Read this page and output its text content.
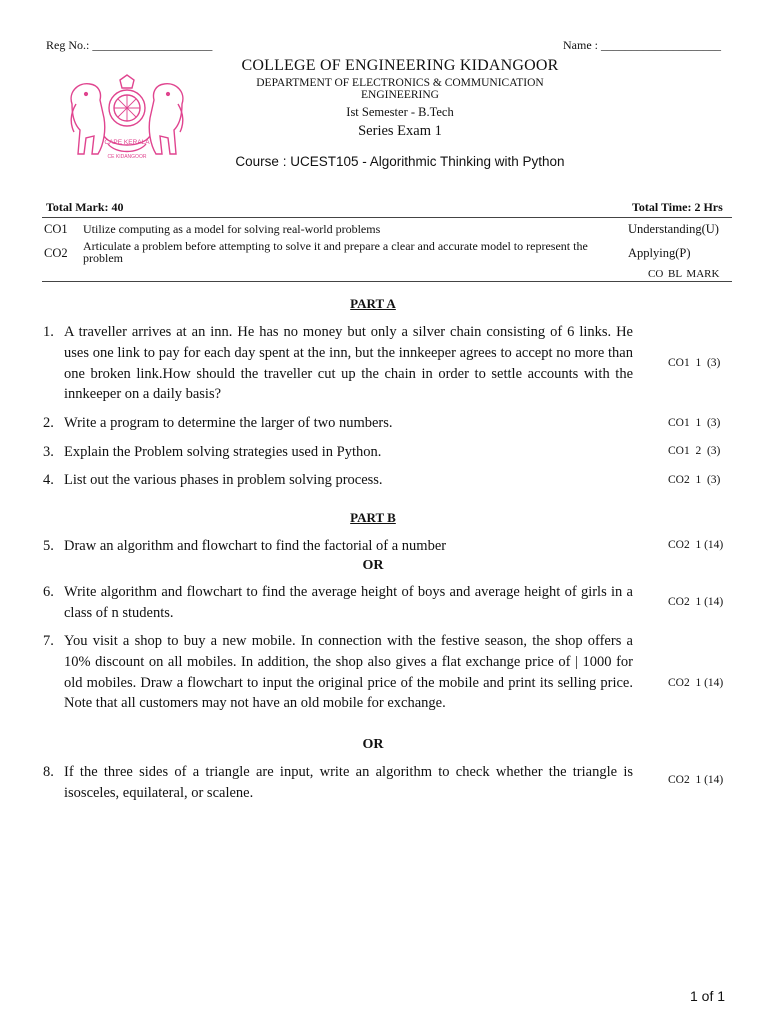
Reg No.: ____________________	Name : ____________________
CAPE KERALA
CE KIDANGOOR
COLLEGE OF ENGINEERING KIDANGOOR
DEPARTMENT OF ELECTRONICS & COMMUNICATION ENGINEERING
Ist Semester - B.Tech
Series Exam 1
Course : UCEST105 - Algorithmic Thinking with Python
Total Mark: 40	Total Time: 2 Hrs
CO1 Utilize computing as a model for solving real-world problems	Understanding(U)
CO2 Articulate a problem before attempting to solve it and prepare a clear and accurate model to represent the problem	Applying(P)
CO BL MARK
PART A
1. A traveller arrives at an inn. He has no money but only a silver chain consisting of 6 links. He uses one link to pay for each day spent at the inn, but the innkeeper agrees to accept no more than one broken link.How should the traveller cut up the chain in order to settle accounts with the innkeeper on a daily basis?
CO1  1  (3)
2. Write a program to determine the larger of two numbers.	CO1  1  (3)
3. Explain the Problem solving strategies used in Python.	CO1  2  (3)
4. List out the various phases in problem solving process.	CO2  1  (3)
PART B
5. Draw an algorithm and flowchart to find the factorial of a number	CO2  1 (14)
OR
6. Write algorithm and flowchart to find the average height of boys and average height of girls in a class of n students.
CO2  1 (14)
7. You visit a shop to buy a new mobile. In connection with the festive season, the shop offers a 10% discount on all mobiles. In addition, the shop also gives a flat exchange price of | 1000 for old mobiles. Draw a flowchart to input the original price of the mobile and print its selling price. Note that all customers may not have an old mobile for exchange.
CO2  1 (14)
OR
8. If the three sides of a triangle are input, write an algorithm to check whether the triangle is isosceles, equilateral, or scalene.
CO2  1 (14)
1 of 1
